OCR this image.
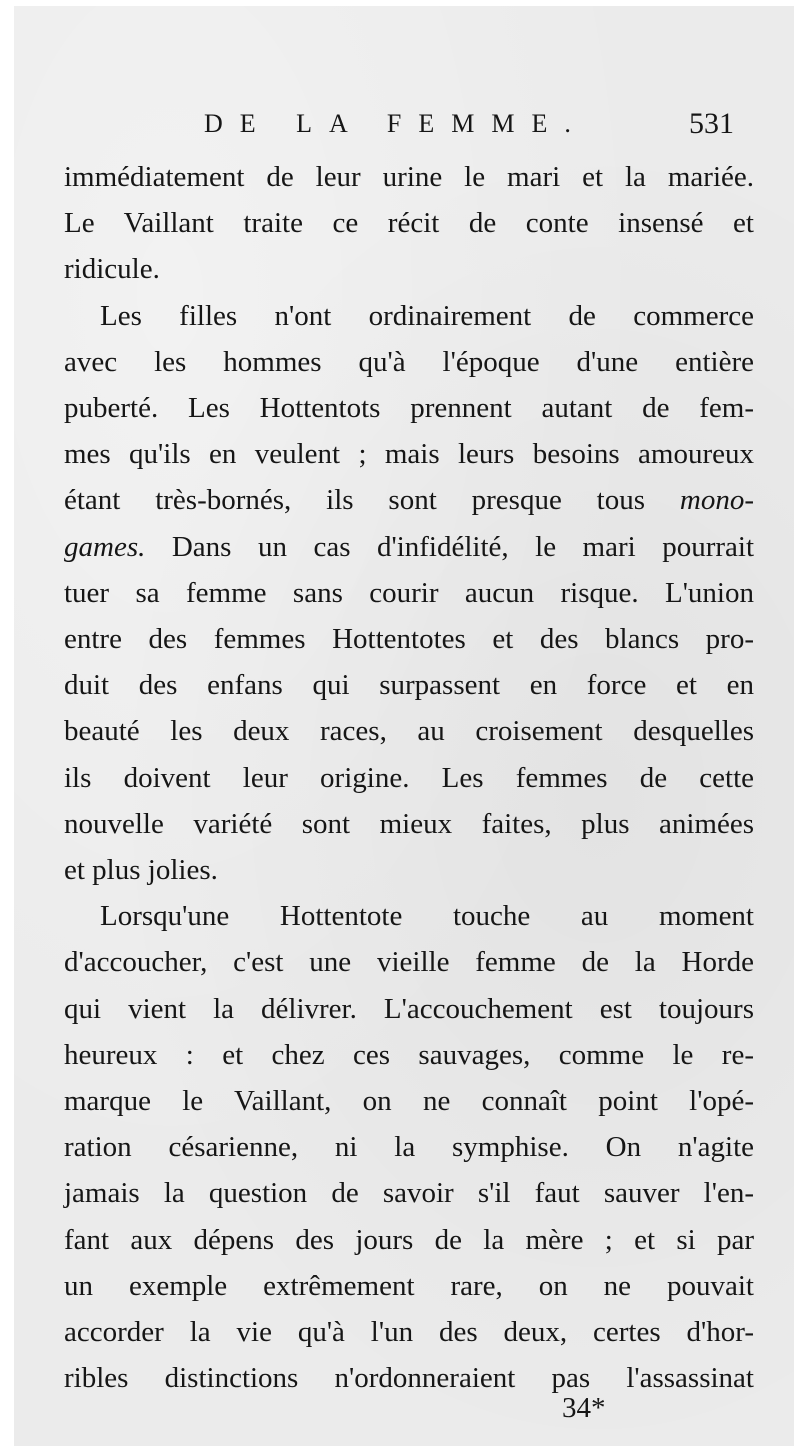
DE LA FEMME.	531
immédiatement de leur urine le mari et la mariée.
Le Vaillant traite ce récit de conte insensé et
ridicule.
Les filles n'ont ordinairement de commerce
avec les hommes qu'à l'époque d'une entière
puberté. Les Hottentots prennent autant de fem-
mes qu'ils en veulent ; mais leurs besoins amoureux
étant très-bornés, ils sont presque tous mono-
games. Dans un cas d'infidélité, le mari pourrait
tuer sa femme sans courir aucun risque. L'union
entre des femmes Hottentotes et des blancs pro-
duit des enfans qui surpassent en force et en
beauté les deux races, au croisement desquelles
ils doivent leur origine. Les femmes de cette
nouvelle variété sont mieux faites, plus animées
et plus jolies.
Lorsqu'une Hottentote touche au moment
d'accoucher, c'est une vieille femme de la Horde
qui vient la délivrer. L'accouchement est toujours
heureux : et chez ces sauvages, comme le re-
marque le Vaillant, on ne connaît point l'opé-
ration césarienne, ni la symphise. On n'agite
jamais la question de savoir s'il faut sauver l'en-
fant aux dépens des jours de la mère ; et si par
un exemple extrêmement rare, on ne pouvait
accorder la vie qu'à l'un des deux, certes d'hor-
ribles distinctions n'ordonneraient pas l'assassinat
34*
